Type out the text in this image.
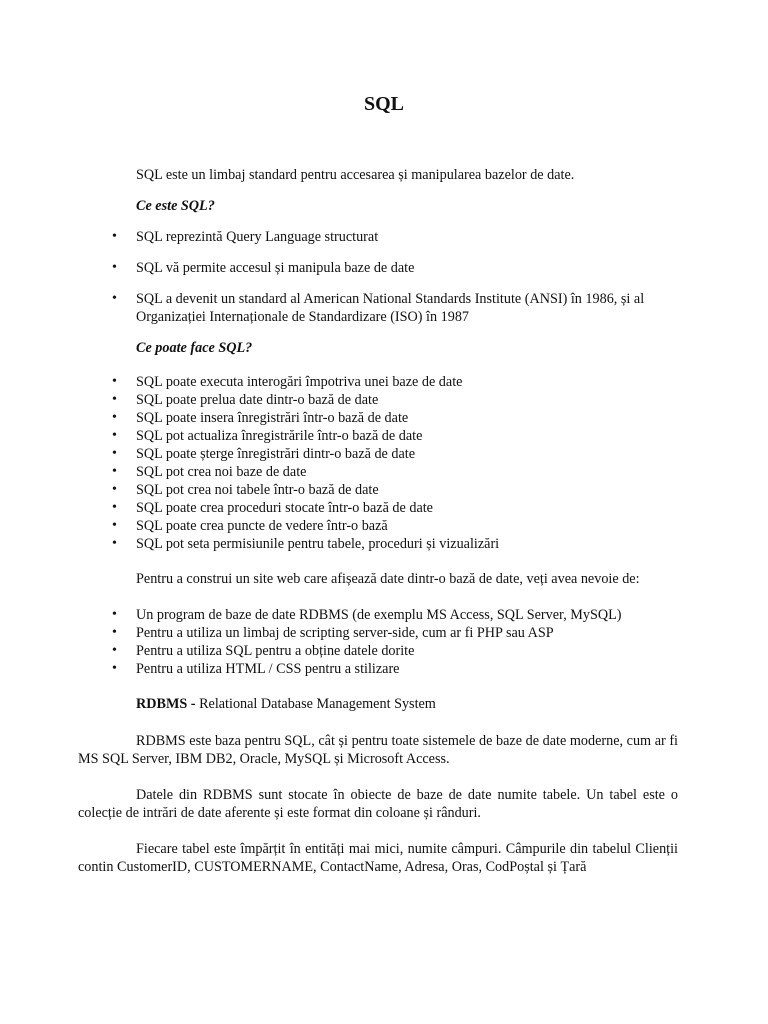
SQL
SQL este un limbaj standard pentru accesarea și manipularea bazelor de date.
Ce este SQL?
• SQL reprezintă Query Language structurat
• SQL vă permite accesul și manipula baze de date
• SQL a devenit un standard al American National Standards Institute (ANSI) în 1986, și al Organizației Internaționale de Standardizare (ISO) în 1987
Ce poate face SQL?
• SQL poate executa interogări împotriva unei baze de date
• SQL poate prelua date dintr-o bază de date
• SQL poate insera înregistrări într-o bază de date
• SQL pot actualiza înregistrările într-o bază de date
• SQL poate șterge înregistrări dintr-o bază de date
• SQL pot crea noi baze de date
• SQL pot crea noi tabele într-o bază de date
• SQL poate crea proceduri stocate într-o bază de date
• SQL poate crea puncte de vedere într-o bază
• SQL pot seta permisiunile pentru tabele, proceduri și vizualizări
Pentru a construi un site web care afișează date dintr-o bază de date, veți avea nevoie de:
• Un program de baze de date RDBMS (de exemplu MS Access, SQL Server, MySQL)
• Pentru a utiliza un limbaj de scripting server-side, cum ar fi PHP sau ASP
• Pentru a utiliza SQL pentru a obține datele dorite
• Pentru a utiliza HTML / CSS pentru a stilizare
RDBMS - Relational Database Management System
RDBMS este baza pentru SQL, cât și pentru toate sistemele de baze de date moderne, cum ar fi MS SQL Server, IBM DB2, Oracle, MySQL și Microsoft Access.
Datele din RDBMS sunt stocate în obiecte de baze de date numite tabele. Un tabel este o colecție de intrări de date aferente și este format din coloane și rânduri.
Fiecare tabel este împărțit în entități mai mici, numite câmpuri. Câmpurile din tabelul Clienții contin CustomerID, CUSTOMERNAME, ContactName, Adresa, Oras, CodPoștal și Țară
